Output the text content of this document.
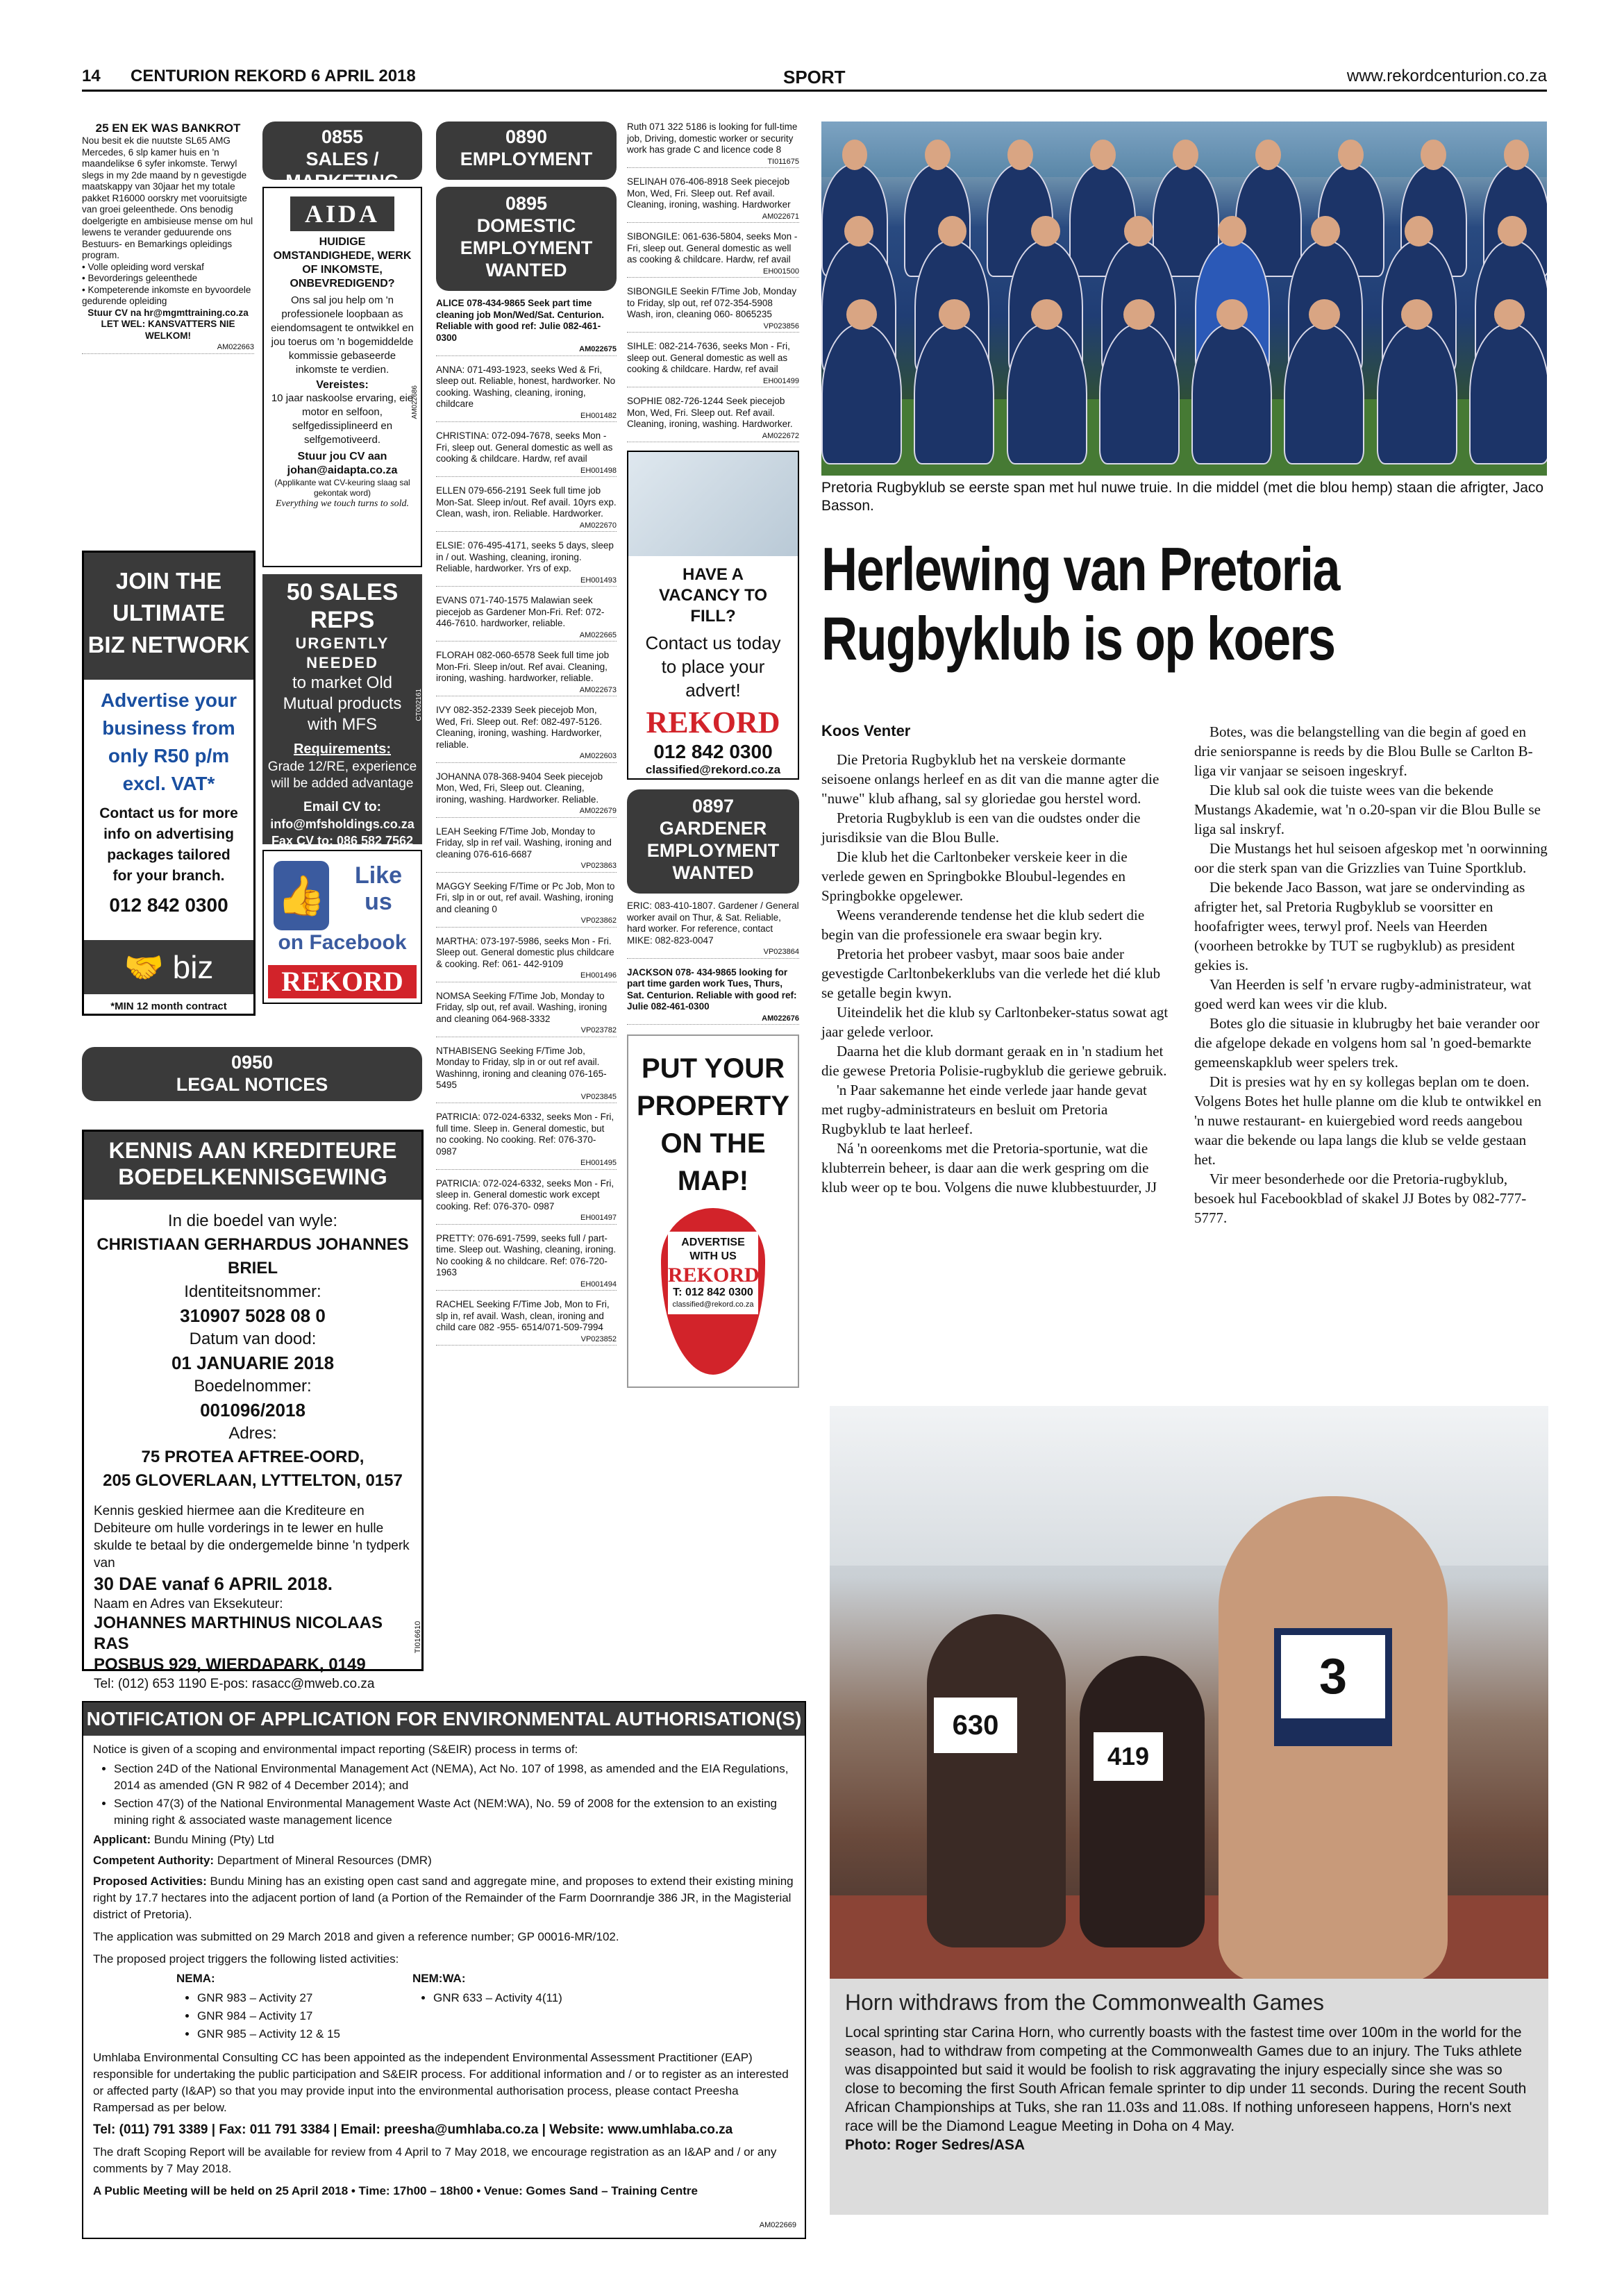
14 CENTURION REKORD 6 APRIL 2018	SPORT	www.rekordcenturion.co.za
25 EN EK WAS BANKROT
Nou besit ek die nuutste SL65 AMG Mercedes, 6 slp kamer huis en 'n maandelikse 6 syfer inkomste. Terwyl slegs in my 2de maand by n gevestigde maatskappy van 30jaar het my totale pakket R16000 oorskry met vooruitsigte van groei geleenthede. Ons benodig doelgerigte en ambisieuse mense om hul lewens te verander geduurende ons Bestuurs- en Bemarkings opleidings program.
• Volle opleiding word verskaf
• Bevorderings geleenthede
• Kompeterende inkomste en byvoordele gedurende opleiding
Stuur CV na hr@mgmttraining.co.za
LET WEL: KANSVATTERS NIE WELKOM!
AM022663
JOIN THE
ULTIMATE
BIZ NETWORK
Advertise your business from only R50 p/m excl. VAT*
Contact us for more info on advertising packages tailored for your branch.
012 842 0300
🤝 biz
*MIN 12 month contract
0855
SALES / MARKETING
AIDA
HUIDIGE OMSTANDIGHEDE, WERK OF INKOMSTE, ONBEVREDIGEND?
Ons sal jou help om 'n professionele loopbaan as eiendomsagent te ontwikkel en jou toerus om 'n bogemiddelde kommissie gebaseerde inkomste te verdien.
Vereistes:
10 jaar naskoolse ervaring, eie motor en selfoon, selfgedissiplineerd en selfgemotiveerd.
Stuur jou CV aan johan@aidapta.co.za
(Applikante wat CV-keuring slaag sal gekontak word)
Everything we touch turns to sold.
AM022686
50 SALES REPS
URGENTLY NEEDED
to market Old Mutual products with MFS
Requirements:
Grade 12/RE, experience will be added advantage
Email CV to:
info@mfsholdings.co.za
Fax CV to: 086 582 7562
CT002161
👍	Like us
on Facebook
REKORD
0950
LEGAL NOTICES
KENNIS AAN KREDITEURE
BOEDELKENNISGEWING
In die boedel van wyle:
CHRISTIAAN GERHARDUS JOHANNES BRIEL
Identiteitsnommer:
310907 5028 08 0
Datum van dood:
01 JANUARIE 2018
Boedelnommer:
001096/2018
Adres:
75 PROTEA AFTREE-OORD,
205 GLOVERLAAN, LYTTELTON, 0157
Kennis geskied hiermee aan die Krediteure en Debiteure om hulle vorderings in te lewer en hulle skulde te betaal by die ondergemelde binne 'n tydperk van
30 DAE vanaf 6 APRIL 2018.
Naam en Adres van Eksekuteur:
JOHANNES MARTHINUS NICOLAAS RAS
POSBUS 929, WIERDAPARK, 0149
Tel: (012) 653 1190 E-pos: rasacc@mweb.co.za
TI016610
0890
EMPLOYMENT
0895
DOMESTIC EMPLOYMENT WANTED
ALICE 078-434-9865 Seek part time cleaning job Mon/Wed/Sat. Centurion. Reliable with good ref: Julie 082-461-0300
AM022675
ANNA: 071-493-1923, seeks Wed & Fri, sleep out. Reliable, honest, hardworker. No cooking. Washing, cleaning, ironing, childcare
EH001482
CHRISTINA: 072-094-7678, seeks Mon - Fri, sleep out. General domestic as well as cooking & childcare. Hardw, ref avail
EH001498
ELLEN 079-656-2191 Seek full time job Mon-Sat. Sleep in/out. Ref avail. 10yrs exp. Clean, wash, iron. Reliable. Hardworker.
AM022670
ELSIE: 076-495-4171, seeks 5 days, sleep in / out. Washing, cleaning, ironing. Reliable, hardworker. Yrs of exp.
EH001493
EVANS 071-740-1575 Malawian seek piecejob as Gardener Mon-Fri. Ref: 072-446-7610. hardworker, reliable.
AM022665
FLORAH 082-060-6578 Seek full time job Mon-Fri. Sleep in/out. Ref avai. Cleaning, ironing, washing. hardworker, reliable.
AM022673
IVY 082-352-2339 Seek piecejob Mon, Wed, Fri. Sleep out. Ref: 082-497-5126. Cleaning, ironing, washing. Hardworker, reliable.
AM022603
JOHANNA 078-368-9404 Seek piecejob Mon, Wed, Fri, Sleep out. Cleaning, ironing, washing. Hardworker. Reliable.
AM022679
LEAH Seeking F/Time Job, Monday to Friday, slp in ref vail. Washing, ironing and cleaning 076-616-6687
VP023863
MAGGY Seeking F/Time or Pc Job, Mon to Fri, slp in or out, ref avail. Washing, ironing and cleaning 0
VP023862
MARTHA: 073-197-5986, seeks Mon - Fri. Sleep out. General domestic plus childcare & cooking. Ref: 061- 442-9109
EH001496
NOMSA Seeking F/Time Job, Monday to Friday, slp out, ref avail. Washing, ironing and cleaning 064-968-3332
VP023782
NTHABISENG Seeking F/Time Job, Monday to Friday, slp in or out ref avail. Washinng, ironing and cleaning 076-165-5495
VP023845
PATRICIA: 072-024-6332, seeks Mon - Fri, full time. Sleep in. General domestic, but no cooking. No cooking. Ref: 076-370-0987
EH001495
PATRICIA: 072-024-6332, seeks Mon - Fri, sleep in. General domestic work except cooking. Ref: 076-370- 0987
EH001497
PRETTY: 076-691-7599, seeks full / part-time. Sleep out. Washing, cleaning, ironing. No cooking & no childcare. Ref: 076-720-1963
EH001494
RACHEL Seeking F/Time Job, Mon to Fri, slp in, ref avail. Wash, clean, ironing and child care 082 -955- 6514/071-509-7994
VP023852
Ruth 071 322 5186 is looking for full-time job, Driving, domestic worker or security work has grade C and licence code 8
TI011675
SELINAH 076-406-8918 Seek piecejob Mon, Wed, Fri. Sleep out. Ref avail. Cleaning, ironing, washing. Hardworker
AM022671
SIBONGILE: 061-636-5804, seeks Mon - Fri, sleep out. General domestic as well as cooking & childcare. Hardw, ref avail
EH001500
SIBONGILE Seekin F/Time Job, Monday to Friday, slp out, ref 072-354-5908 Wash, iron, cleaning 060- 8065235
VP023856
SIHLE: 082-214-7636, seeks Mon - Fri, sleep out. General domestic as well as cooking & childcare. Hardw, ref avail
EH001499
SOPHIE 082-726-1244 Seek piecejob Mon, Wed, Fri. Sleep out. Ref avail. Cleaning, ironing, washing. Hardworker.
AM022672
HAVE A VACANCY TO FILL?
Contact us today to place your advert!
REKORD
012 842 0300
classified@rekord.co.za
0897
GARDENER EMPLOYMENT WANTED
ERIC: 083-410-1807. Gardener / General worker avail on Thur, & Sat. Reliable, hard worker. For reference, contact MIKE: 082-823-0047
VP023864
JACKSON 078- 434-9865 looking for part time garden work Tues, Thurs, Sat. Centurion. Reliable with good ref: Julie 082-461-0300
AM022676
PUT YOUR PROPERTY ON THE MAP!
ADVERTISE WITH US
REKORD
T: 012 842 0300
classified@rekord.co.za
NOTIFICATION OF APPLICATION FOR ENVIRONMENTAL AUTHORISATION(S)
Notice is given of a scoping and environmental impact reporting (S&EIR) process in terms of:
• Section 24D of the National Environmental Management Act (NEMA), Act No. 107 of 1998, as amended and the EIA Regulations, 2014 as amended (GN R 982 of 4 December 2014); and
• Section 47(3) of the National Environmental Management Waste Act (NEM:WA), No. 59 of 2008 for the extension to an existing mining right & associated waste management licence
Applicant: Bundu Mining (Pty) Ltd
Competent Authority: Department of Mineral Resources (DMR)
Proposed Activities: Bundu Mining has an existing open cast sand and aggregate mine, and proposes to extend their existing mining right by 17.7 hectares into the adjacent portion of land (a Portion of the Remainder of the Farm Doornrandje 386 JR, in the Magisterial district of Pretoria).
The application was submitted on 29 March 2018 and given a reference number; GP 00016-MR/102.
The proposed project triggers the following listed activities:
NEMA:
• GNR 983 – Activity 27
• GNR 984 – Activity 17
• GNR 985 – Activity 12 & 15
NEM:WA:
• GNR 633 – Activity 4(11)
Umhlaba Environmental Consulting CC has been appointed as the independent Environmental Assessment Practitioner (EAP) responsible for undertaking the public participation and S&EIR process. For additional information and / or to register as an interested or affected party (I&AP) so that you may provide input into the environmental authorisation process, please contact Preesha Rampersad as per below.
Tel: (011) 791 3389 | Fax: 011 791 3384 | Email: preesha@umhlaba.co.za | Website: www.umhlaba.co.za
The draft Scoping Report will be available for review from 4 April to 7 May 2018, we encourage registration as an I&AP and / or any comments by 7 May 2018.
A Public Meeting will be held on 25 April 2018 • Time: 17h00 – 18h00 • Venue: Gomes Sand – Training Centre
AM022669
Pretoria Rugbyklub se eerste span met hul nuwe truie. In die middel (met die blou hemp) staan die afrigter, Jaco Basson.
Herlewing van Pretoria Rugbyklub is op koers
Koos Venter

Die Pretoria Rugbyklub het na verskeie dormante seisoene onlangs herleef en as dit van die manne agter die "nuwe" klub afhang, sal sy gloriedae gou herstel word.

Pretoria Rugbyklub is een van die oudstes onder die jurisdiksie van die Blou Bulle.

Die klub het die Carltonbeker verskeie keer in die verlede gewen en Springbokke Bloubul-legendes en Springbokke opgelewer.

Weens veranderende tendense het die klub sedert die begin van die professionele era swaar begin kry.

Pretoria het probeer vasbyt, maar soos baie ander gevestigde Carltonbekerklubs van die verlede het dié klub se getalle begin kwyn.

Uiteindelik het die klub sy Carltonbeker-status sowat agt jaar gelede verloor.

Daarna het die klub dormant geraak en in 'n stadium het die gewese Pretoria Polisie-rugbyklub die geriewe gebruik.

'n Paar sakemanne het einde verlede jaar hande gevat met rugby-administrateurs en besluit om Pretoria Rugbyklub te laat herleef.

Ná 'n ooreenkoms met die Pretoria-sportunie, wat die klubterrein beheer, is daar aan die werk gespring om die klub weer op te bou. Volgens die nuwe klubbestuurder, JJ

Botes, was die belangstelling van die begin af goed en drie seniorspanne is reeds by die Blou Bulle se Carlton B-liga vir vanjaar se seisoen ingeskryf.

Die klub sal ook die tuiste wees van die bekende Mustangs Akademie, wat 'n o.20-span vir die Blou Bulle se liga sal inskryf.

Die Mustangs het hul seisoen afgeskop met 'n oorwinning oor die sterk span van die Grizzlies van Tuine Sportklub.

Die bekende Jaco Basson, wat jare se ondervinding as afrigter het, sal Pretoria Rugbyklub se voorsitter en hoofafrigter wees, terwyl prof. Neels van Heerden (voorheen betrokke by TUT se rugbyklub) as president gekies is.

Van Heerden is self 'n ervare rugby-administrateur, wat goed werd kan wees vir die klub.

Botes glo die situasie in klubrugby het baie verander oor die afgelope dekade en volgens hom sal 'n goed-bemarkte gemeenskapklub weer spelers trek.

Dit is presies wat hy en sy kollegas beplan om te doen. Volgens Botes het hulle planne om die klub te ontwikkel en 'n nuwe restaurant- en kuiergebied word reeds aangebou waar die bekende ou lapa langs die klub se velde gestaan het.

Vir meer besonderhede oor die Pretoria-rugbyklub, besoek hul Facebookblad of skakel JJ Botes by 082-777-5777.

3
630
419
Horn withdraws from the Commonwealth Games
Local sprinting star Carina Horn, who currently boasts with the fastest time over 100m in the world for the season, had to withdraw from competing at the Commonwealth Games due to an injury. The Tuks athlete was disappointed but said it would be foolish to risk aggravating the injury especially since she was so close to becoming the first South African female sprinter to dip under 11 seconds. During the recent South African Championships at Tuks, she ran 11.03s and 11.08s. If nothing unforeseen happens, Horn's next race will be the Diamond League Meeting in Doha on 4 May.
Photo: Roger Sedres/ASA
